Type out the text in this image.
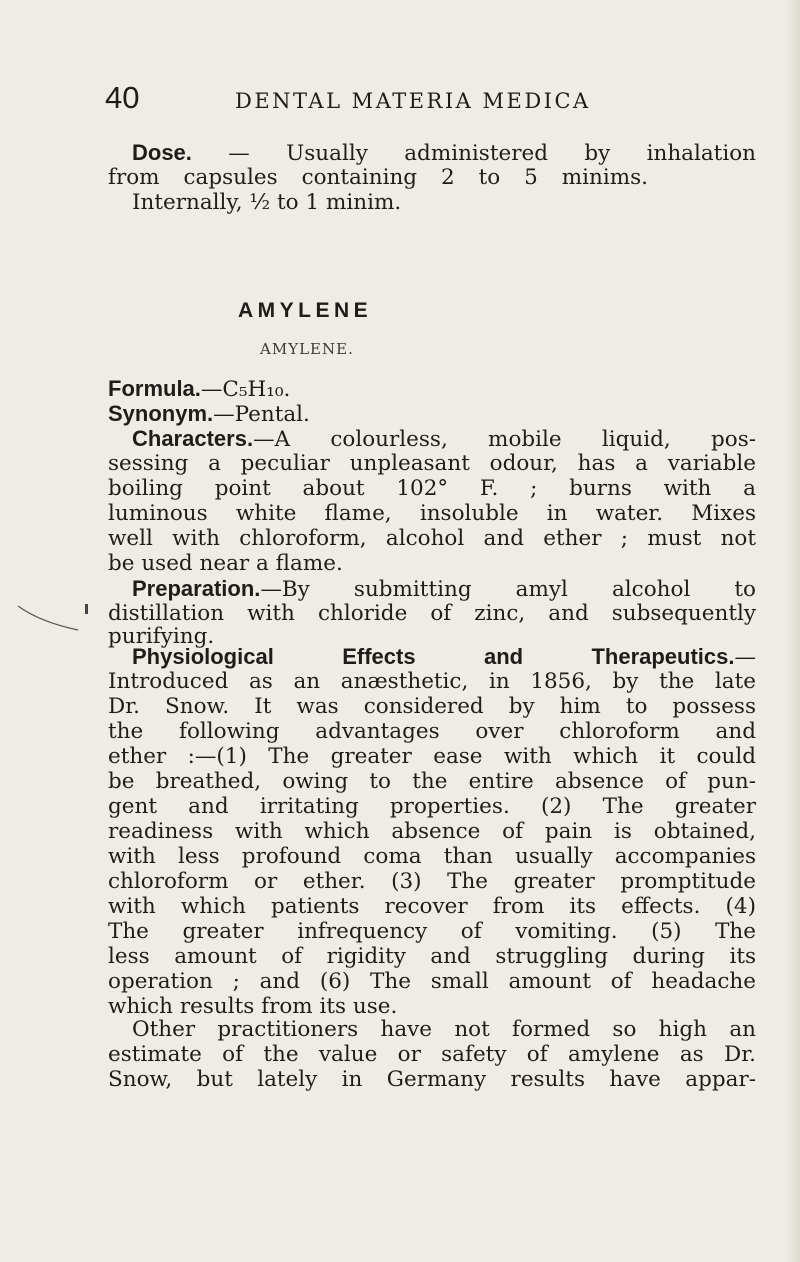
40	DENTAL MATERIA MEDICA
Dose. — Usually administered by inhalation
from capsules containing 2 to 5 minims.
Internally, ½ to 1 minim.
AMYLENE
AMYLENE.
Formula.—C₅H₁₀.
Synonym.—Pental.
Characters.—A colourless, mobile liquid, pos-
sessing a peculiar unpleasant odour, has a variable
boiling point about 102° F. ; burns with a
luminous white flame, insoluble in water. Mixes
well with chloroform, alcohol and ether ; must not
be used near a flame.
Preparation.—By submitting amyl alcohol to
distillation with chloride of zinc, and subsequently
purifying.
Physiological Effects and Therapeutics.—
Introduced as an anæsthetic, in 1856, by the late
Dr. Snow. It was considered by him to possess
the following advantages over chloroform and
ether :—(1) The greater ease with which it could
be breathed, owing to the entire absence of pun-
gent and irritating properties. (2) The greater
readiness with which absence of pain is obtained,
with less profound coma than usually accompanies
chloroform or ether. (3) The greater promptitude
with which patients recover from its effects. (4)
The greater infrequency of vomiting. (5) The
less amount of rigidity and struggling during its
operation ; and (6) The small amount of headache
which results from its use.
Other practitioners have not formed so high an
estimate of the value or safety of amylene as Dr.
Snow, but lately in Germany results have appar-
